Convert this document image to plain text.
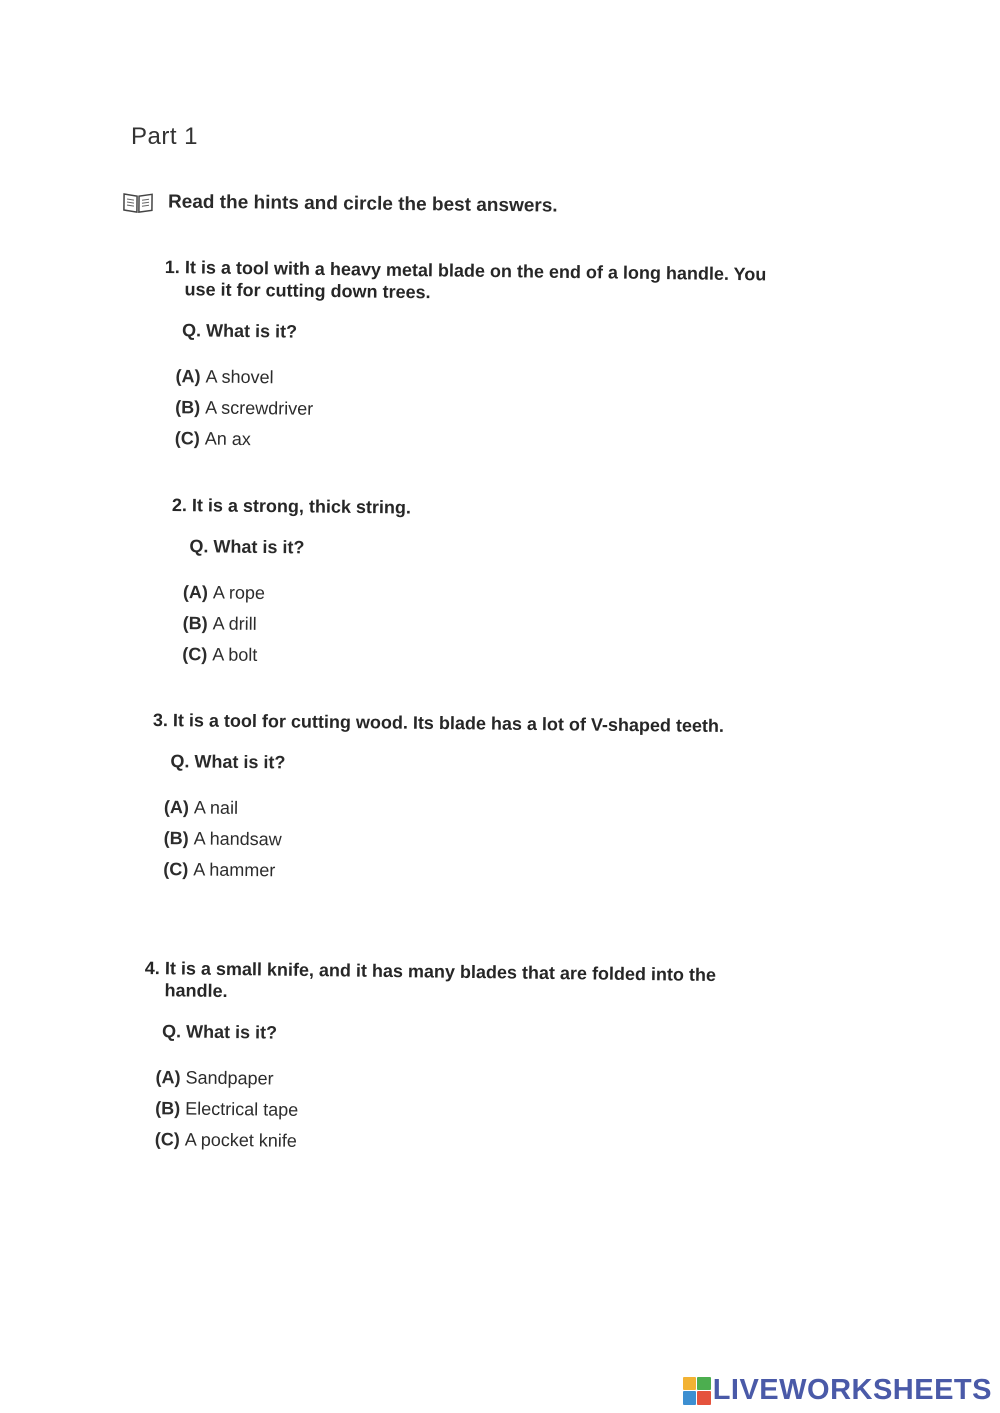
Part 1
Read the hints and circle the best answers.
1. It is a tool with a heavy metal blade on the end of a long handle. You
use it for cutting down trees.
Q. What is it?
(A) A shovel
(B) A screwdriver
(C) An ax
2. It is a strong, thick string.
Q. What is it?
(A) A rope
(B) A drill
(C) A bolt
3. It is a tool for cutting wood. Its blade has a lot of V-shaped teeth.
Q. What is it?
(A) A nail
(B) A handsaw
(C) A hammer
4. It is a small knife, and it has many blades that are folded into the
handle.
Q. What is it?
(A) Sandpaper
(B) Electrical tape
(C) A pocket knife
LIVEWORKSHEETS
